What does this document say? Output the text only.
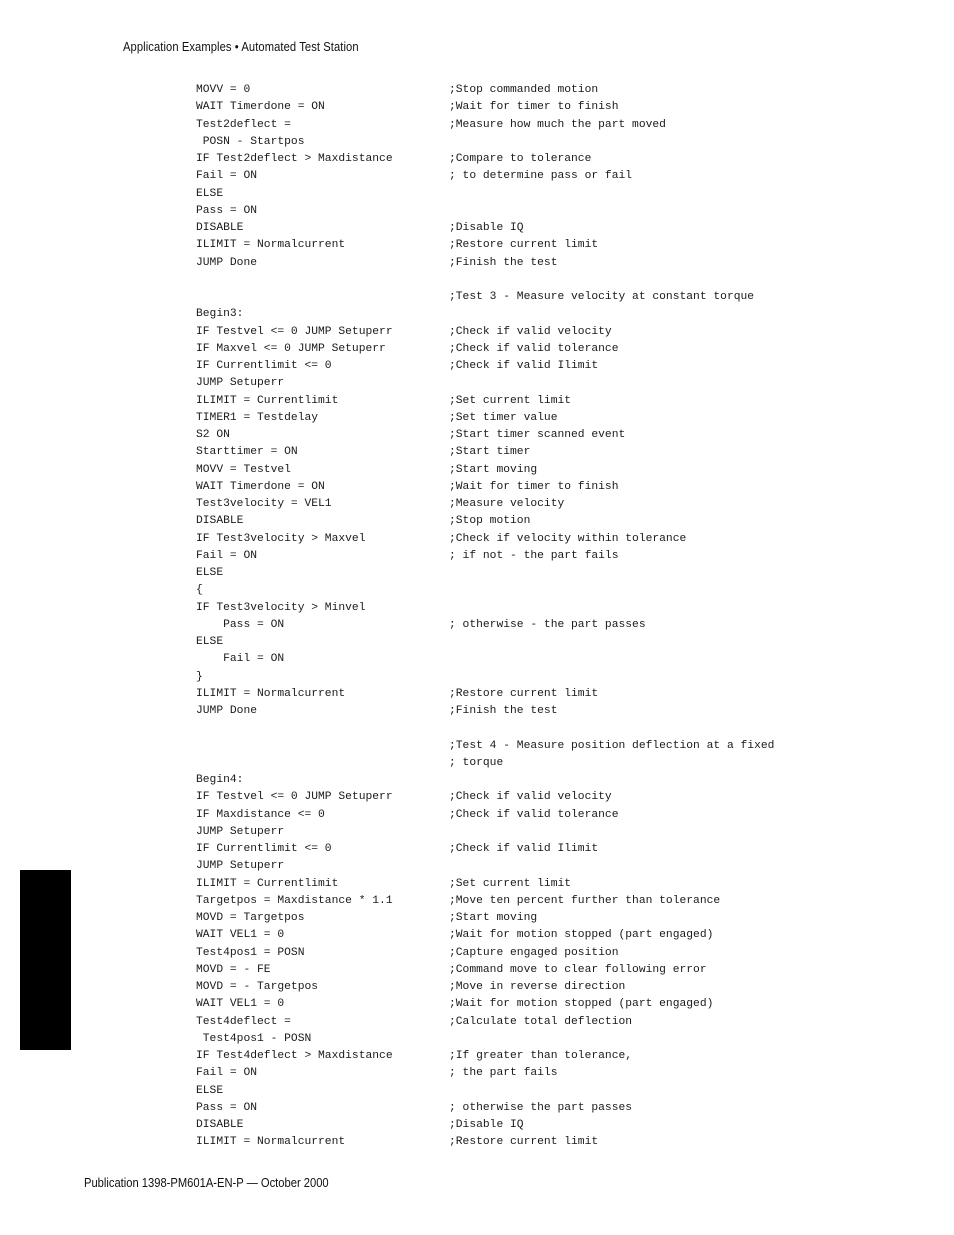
Application Examples • Automated Test Station
MOVV = 0	;Stop commanded motion
WAIT Timerdone = ON	;Wait for timer to finish
Test2deflect =	;Measure how much the part moved
POSN - Startpos
IF Test2deflect > Maxdistance	;Compare to tolerance
Fail = ON	; to determine pass or fail
ELSE
Pass = ON
DISABLE	;Disable IQ
ILIMIT = Normalcurrent	;Restore current limit
JUMP Done	;Finish the test
;Test 3 - Measure velocity at constant torque
Begin3:
IF Testvel <= 0 JUMP Setuperr	;Check if valid velocity
IF Maxvel <= 0 JUMP Setuperr	;Check if valid tolerance
IF Currentlimit <= 0	;Check if valid Ilimit
JUMP Setuperr
ILIMIT = Currentlimit	;Set current limit
TIMER1 = Testdelay	;Set timer value
S2 ON	;Start timer scanned event
Starttimer = ON	;Start timer
MOVV = Testvel	;Start moving
WAIT Timerdone = ON	;Wait for timer to finish
Test3velocity = VEL1	;Measure velocity
DISABLE	;Stop motion
IF Test3velocity > Maxvel	;Check if velocity within tolerance
Fail = ON	; if not - the part fails
ELSE
{
IF Test3velocity > Minvel
Pass = ON	; otherwise - the part passes
ELSE
Fail = ON
}
ILIMIT = Normalcurrent	;Restore current limit
JUMP Done	;Finish the test
;Test 4 - Measure position deflection at a fixed
; torque
Begin4:
IF Testvel <= 0 JUMP Setuperr	;Check if valid velocity
IF Maxdistance <= 0	;Check if valid tolerance
JUMP Setuperr
IF Currentlimit <= 0	;Check if valid Ilimit
JUMP Setuperr
ILIMIT = Currentlimit	;Set current limit
Targetpos = Maxdistance * 1.1	;Move ten percent further than tolerance
MOVD = Targetpos	;Start moving
WAIT VEL1 = 0	;Wait for motion stopped (part engaged)
Test4pos1 = POSN	;Capture engaged position
MOVD = - FE	;Command move to clear following error
MOVD = - Targetpos	;Move in reverse direction
WAIT VEL1 = 0	;Wait for motion stopped (part engaged)
Test4deflect =	;Calculate total deflection
Test4pos1 - POSN
IF Test4deflect > Maxdistance	;If greater than tolerance,
Fail = ON	; the part fails
ELSE
Pass = ON	; otherwise the part passes
DISABLE	;Disable IQ
ILIMIT = Normalcurrent	;Restore current limit
Publication 1398-PM601A-EN-P — October 2000
